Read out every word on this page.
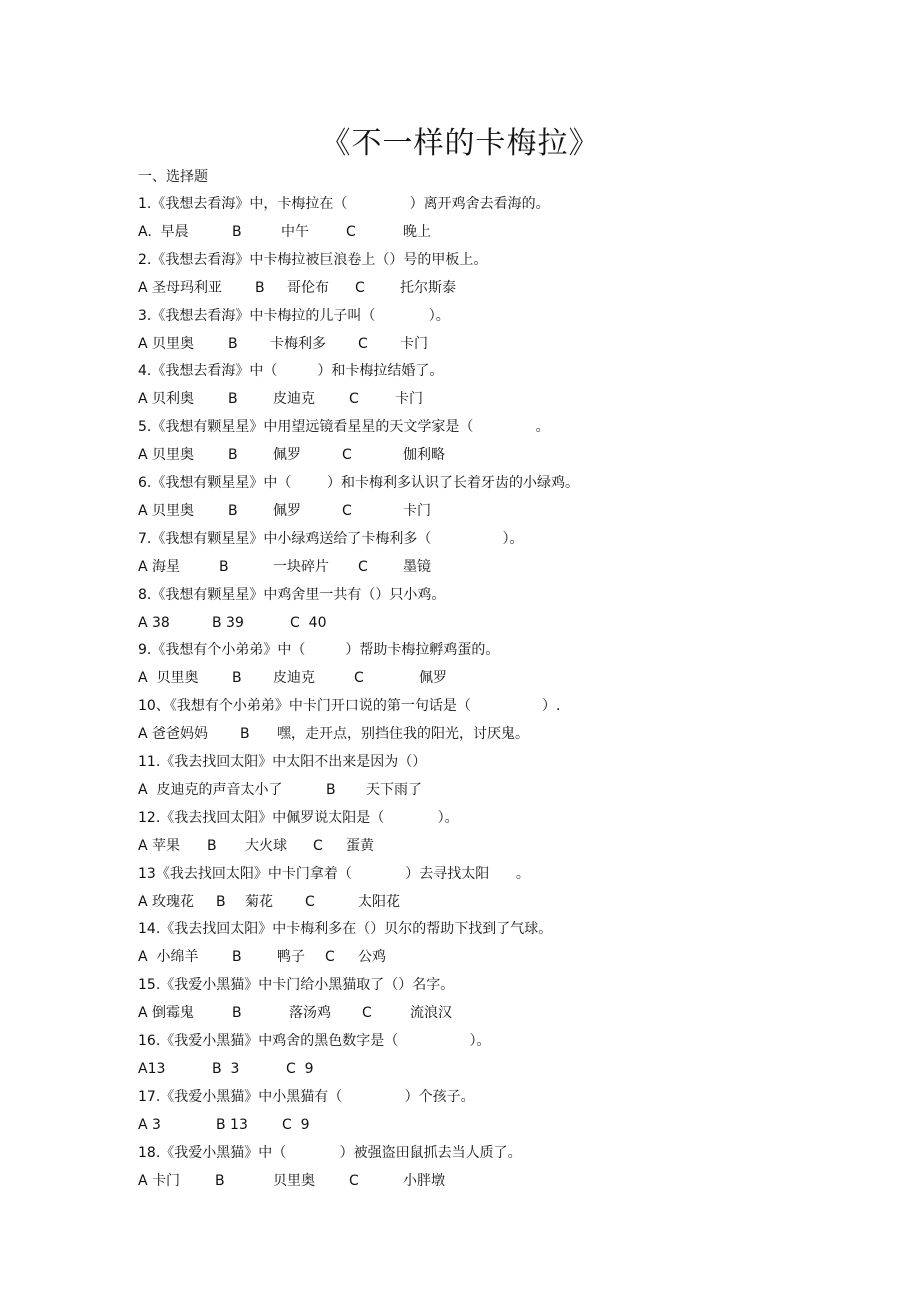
《不一样的卡梅拉》
一、选择题
1.《我想去看海》中，卡梅拉在（              ）离开鸡舍去看海的。
A.  早晨	B	中午	C	晚上
2.《我想去看海》中卡梅拉被巨浪卷上（）号的甲板上。
A 圣母玛利亚 B 哥伦布 C	托尔斯泰
3.《我想去看海》中卡梅拉的儿子叫（            ）。
A 贝里奥 B 卡梅利多 C 卡门
4.《我想去看海》中（         ）和卡梅拉结婚了。
A 贝利奥 B	皮迪克 C	卡门
5.《我想有颗星星》中用望远镜看星星的天文学家是（              。
A 贝里奥 B	佩罗	C	伽利略
6.《我想有颗星星》中（        ）和卡梅利多认识了长着牙齿的小绿鸡。
A 贝里奥 B	佩罗	C	卡门
7.《我想有颗星星》中小绿鸡送给了卡梅利多（                ）。
A 海星	B	一块碎片 C	墨镜
8.《我想有颗星星》中鸡舍里一共有（）只小鸡。
A 38	B 39	C  40
9.《我想有个小弟弟》中（         ）帮助卡梅拉孵鸡蛋的。
A  贝里奥 B 皮迪克	C	佩罗
10、《我想有个小弟弟》中卡门开口说的第一句话是（                ）.
A 爸爸妈妈 B 嘿，走开点，别挡住我的阳光，讨厌鬼。
11.《我去找回太阳》中太阳不出来是因为（）
A  皮迪克的声音太小了	B 天下雨了
12.《我去找回太阳》中佩罗说太阳是（            ）。
A 苹果 B 大火球 C 蛋黄
13《我去找回太阳》中卡门拿着（            ）去寻找太阳      。
A 玫瑰花 B 菊花 C	太阳花
14.《我去找回太阳》中卡梅利多在（）贝尔的帮助下找到了气球。
A  小绵羊 B	鸭子 C 公鸡
15.《我爱小黑猫》中卡门给小黑猫取了（）名字。
A 倒霉鬼	B	落汤鸡 C	流浪汉
16.《我爱小黑猫》中鸡舍的黑色数字是（                ）。
A13	B  3	C  9
17.《我爱小黑猫》中小黑猫有（              ）个孩子。
A 3	B 13 C  9
18.《我爱小黑猫》中（            ）被强盗田鼠抓去当人质了。
A 卡门 B	贝里奥 C	小胖墩
